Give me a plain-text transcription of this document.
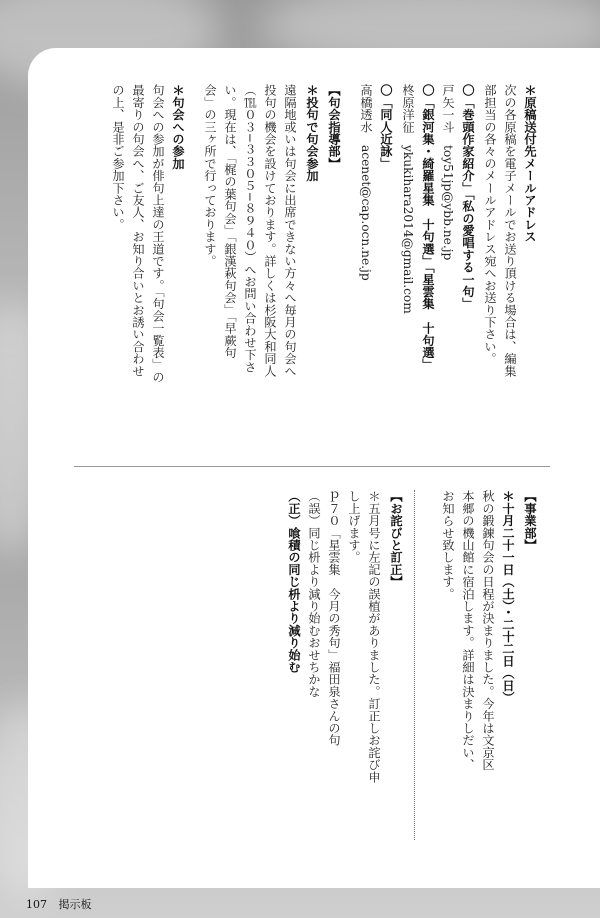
＊原稿送付先メールアドレス
次の各原稿を電子メールでお送り頂ける場合は、編集
部担当の各々のメールアドレス宛へお送り下さい。
〇「巻頭作家紹介」「私の愛唱する一句」
戸矢一斗　toy51jp@ybb.ne.jp
〇「銀河集・綺羅星集　十句選」「星雲集　十句選」
柊原洋征　ykukihara2014@gmail.com
〇「同人近詠」
高橋透水　acenet@cap.ocn.ne.jp
【句会指導部】
＊投句で句会参加
遠隔地或いは句会に出席できない方々へ毎月の句会へ
投句の機会を設けております。詳しくは杉阪大和同人
（℡０３−３３０５−８９４０）へお問い合わせ下さ
い。現在は、「梶の葉句会」「銀漢萩句会」「早蕨句
会」の三ヶ所で行っております。
＊句会への参加
句会への参加が俳句上達の王道です。「句会一覧表」の
最寄りの句会へ、ご友人、お知り合いとお誘い合わせ
の上、是非ご参加下さい。
【事業部】
＊十月二十一日（土）・二十二日（日）
秋の鍛錬句会の日程が決まりました。今年は文京区
本郷の機山館に宿泊します。詳細は決まりしだい、
お知らせ致します。
【お詫びと訂正】
＊五月号に左記の誤植がありました。訂正しお詫び申
し上げます。
ｐ７０「星雲集　今月の秀句」福田泉さんの句
（誤）同じ枡より減り始むおせちかな
（正）喰積の同じ枡より減り始む
107 掲示板
